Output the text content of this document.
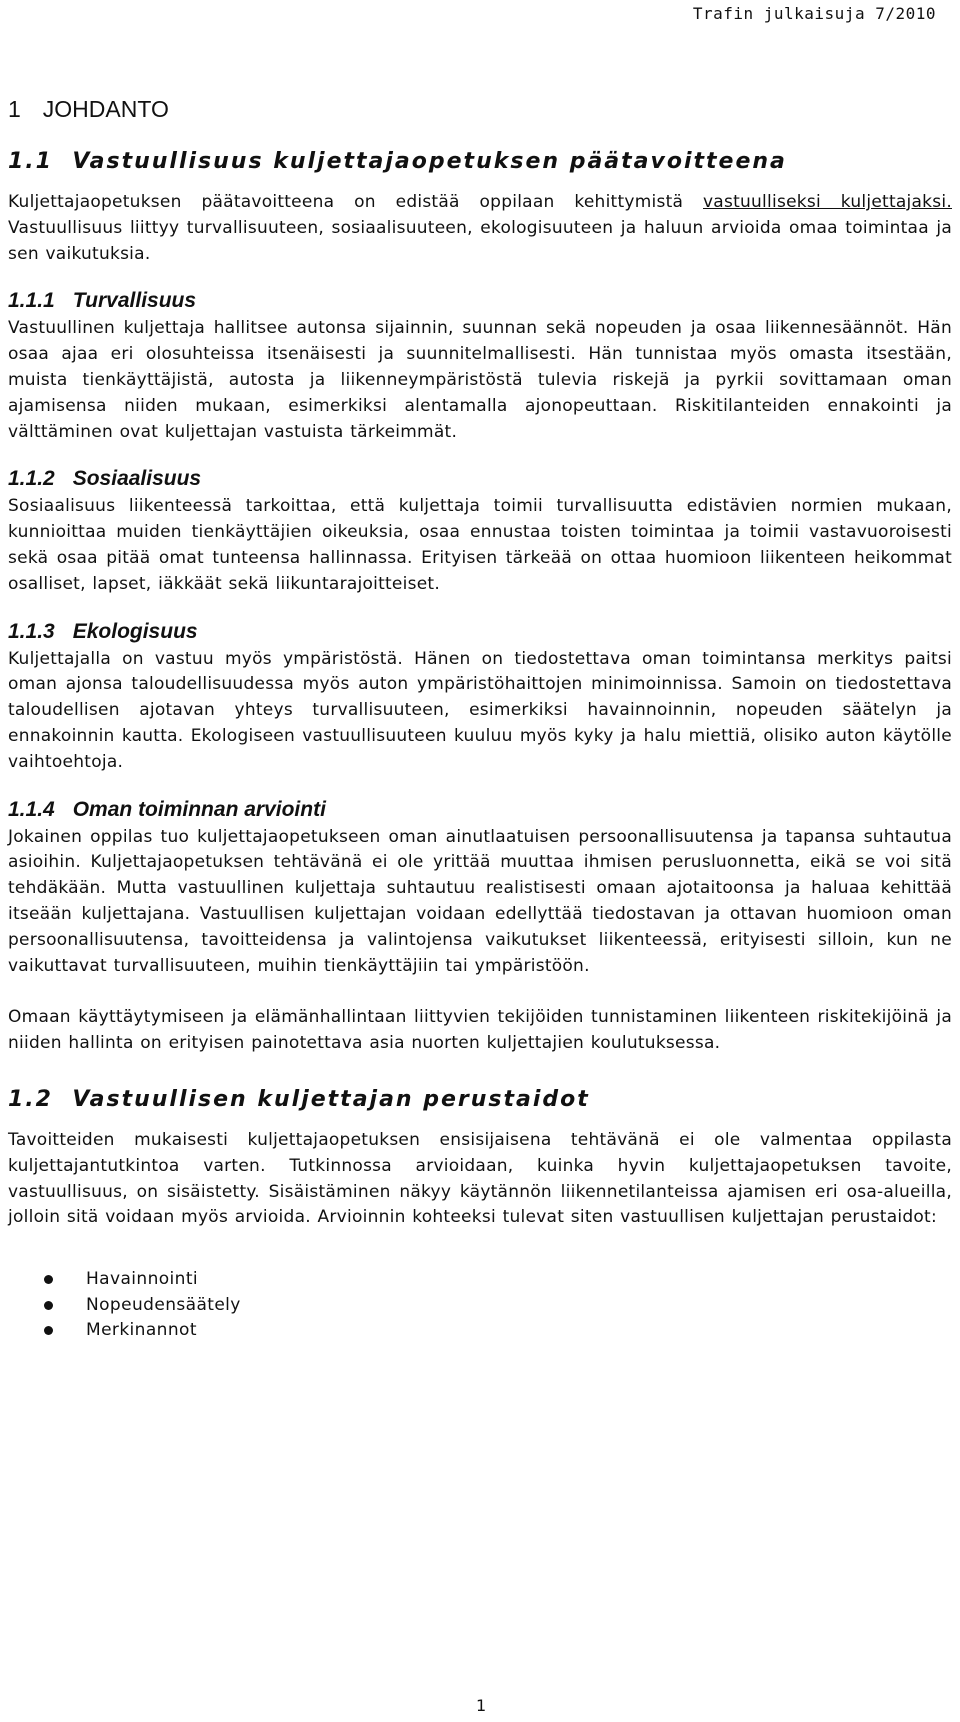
Trafin julkaisuja 7/2010
1 JOHDANTO
1.1 Vastuullisuus kuljettajaopetuksen päätavoitteena

Kuljettajaopetuksen päätavoitteena on edistää oppilaan kehittymistä vastuulliseksi kuljettajaksi. Vastuullisuus liittyy turvallisuuteen, sosiaalisuuteen, ekologisuuteen ja haluun arvioida omaa toimintaa ja sen vaikutuksia.

1.1.1 Turvallisuus

Vastuullinen kuljettaja hallitsee autonsa sijainnin, suunnan sekä nopeuden ja osaa liikennesäännöt. Hän osaa ajaa eri olosuhteissa itsenäisesti ja suunnitelmallisesti. Hän tunnistaa myös omasta itsestään, muista tienkäyttäjistä, autosta ja liikenneympäristöstä tulevia riskejä ja pyrkii sovittamaan oman ajamisensa niiden mukaan, esimerkiksi alentamalla ajonopeuttaan. Riskitilanteiden ennakointi ja välttäminen ovat kuljettajan vastuista tärkeimmät.

1.1.2 Sosiaalisuus

Sosiaalisuus liikenteessä tarkoittaa, että kuljettaja toimii turvallisuutta edistävien normien mukaan, kunnioittaa muiden tienkäyttäjien oikeuksia, osaa ennustaa toisten toimintaa ja toimii vastavuoroisesti sekä osaa pitää omat tunteensa hallinnassa. Erityisen tärkeää on ottaa huomioon liikenteen heikommat osalliset, lapset, iäkkäät sekä liikuntarajoitteiset.

1.1.3 Ekologisuus

Kuljettajalla on vastuu myös ympäristöstä. Hänen on tiedostettava oman toimintansa merkitys paitsi oman ajonsa taloudellisuudessa myös auton ympäristöhaittojen minimoinnissa. Samoin on tiedostettava taloudellisen ajotavan yhteys turvallisuuteen, esimerkiksi havainnoinnin, nopeuden säätelyn ja ennakoinnin kautta. Ekologiseen vastuullisuuteen kuuluu myös kyky ja halu miettiä, olisiko auton käytölle vaihtoehtoja.

1.1.4 Oman toiminnan arviointi

Jokainen oppilas tuo kuljettajaopetukseen oman ainutlaatuisen persoonallisuutensa ja tapansa suhtautua asioihin. Kuljettajaopetuksen tehtävänä ei ole yrittää muuttaa ihmisen perusluonnetta, eikä se voi sitä tehdäkään. Mutta vastuullinen kuljettaja suhtautuu realistisesti omaan ajotaitoonsa ja haluaa kehittää itseään kuljettajana. Vastuullisen kuljettajan voidaan edellyttää tiedostavan ja ottavan huomioon oman persoonallisuutensa, tavoitteidensa ja valintojensa vaikutukset liikenteessä, erityisesti silloin, kun ne vaikuttavat turvallisuuteen, muihin tienkäyttäjiin tai ympäristöön.

Omaan käyttäytymiseen ja elämänhallintaan liittyvien tekijöiden tunnistaminen liikenteen riskitekijöinä ja niiden hallinta on erityisen painotettava asia nuorten kuljettajien koulutuksessa.

1.2 Vastuullisen kuljettajan perustaidot

Tavoitteiden mukaisesti kuljettajaopetuksen ensisijaisena tehtävänä ei ole valmentaa oppilasta kuljettajantutkintoa varten. Tutkinnossa arvioidaan, kuinka hyvin kuljettajaopetuksen tavoite, vastuullisuus, on sisäistetty. Sisäistäminen näkyy käytännön liikennetilanteissa ajamisen eri osa-alueilla, jolloin sitä voidaan myös arvioida. Arvioinnin kohteeksi tulevat siten vastuullisen kuljettajan perustaidot:

Havainnointi
Nopeudensäätely
Merkinannot
1
